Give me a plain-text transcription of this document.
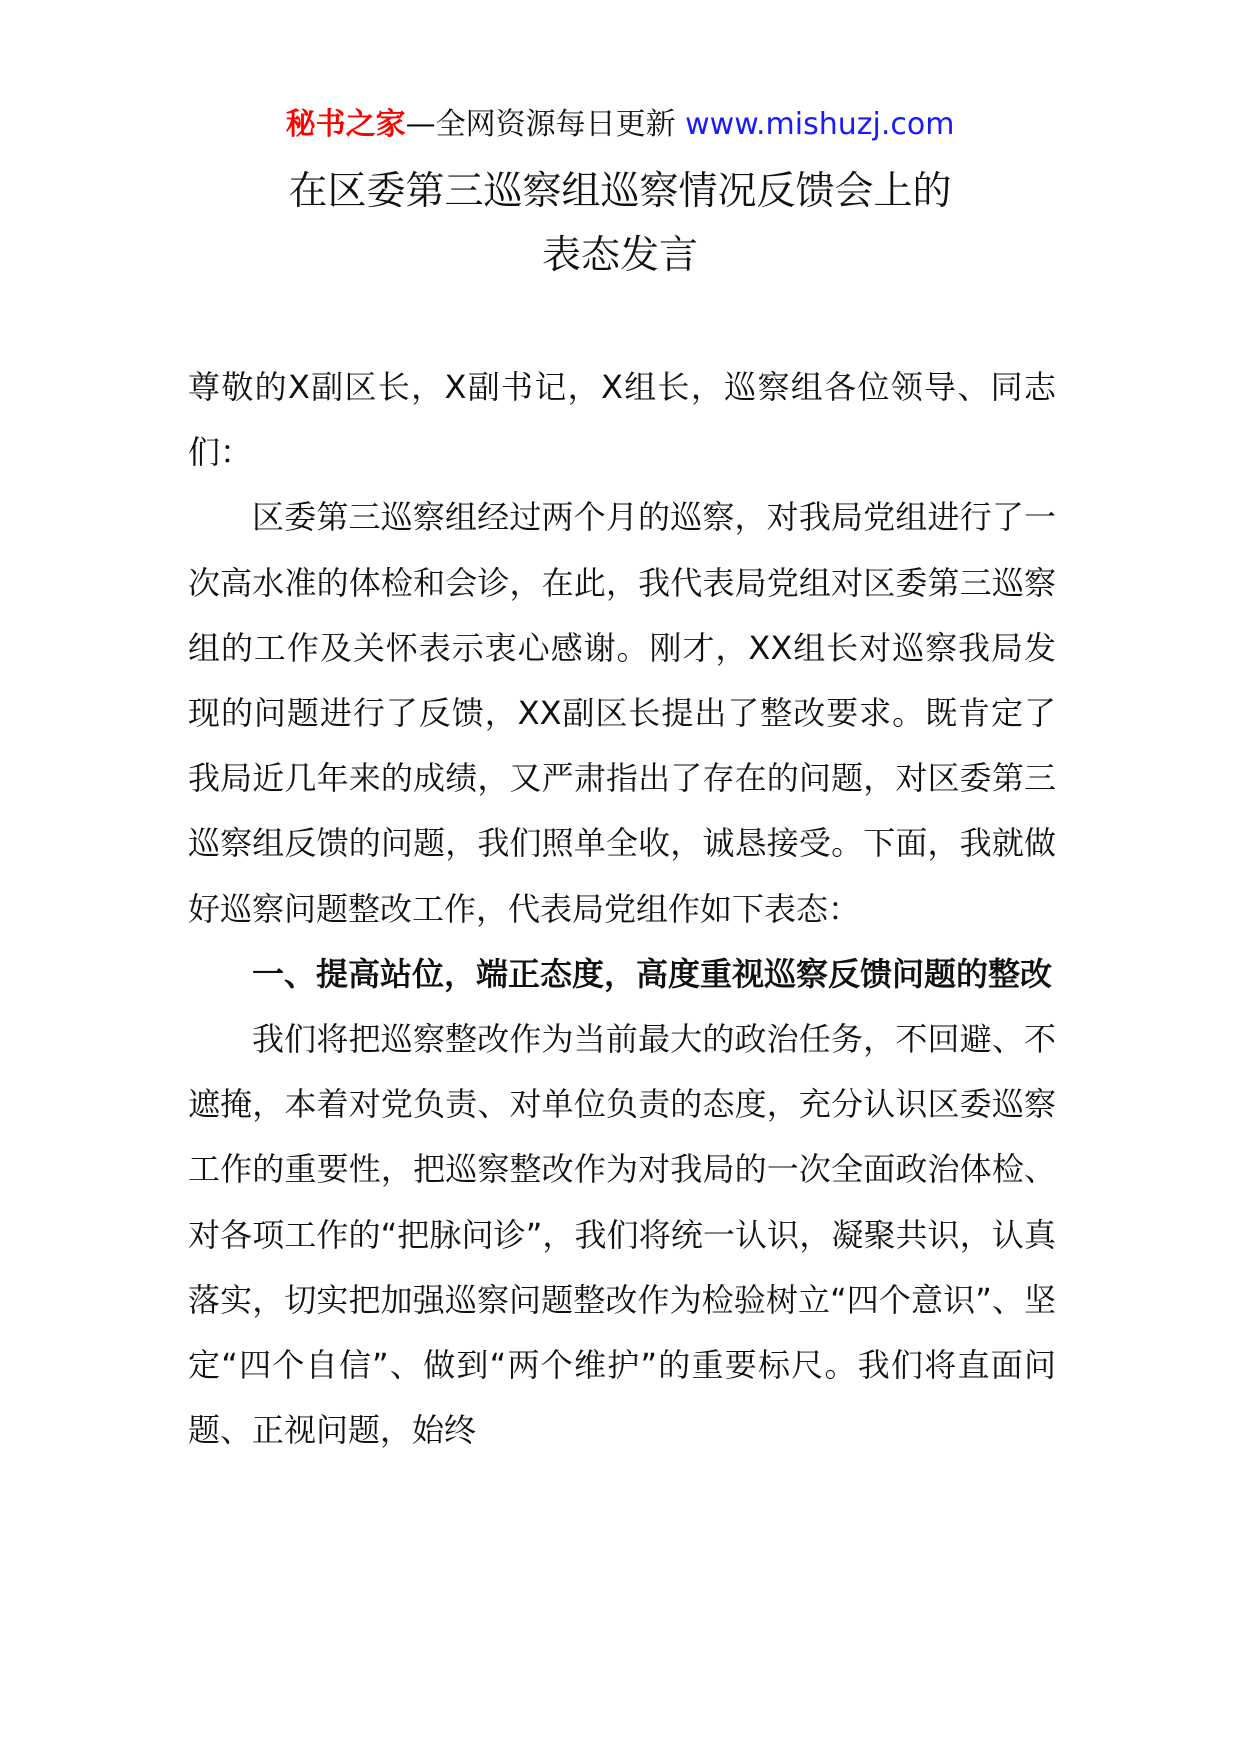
秘书之家—全网资源每日更新 www.mishuzj.com
在区委第三巡察组巡察情况反馈会上的
表态发言

尊敬的X副区长，X副书记，X组长，巡察组各位领导、同志们：

区委第三巡察组经过两个月的巡察，对我局党组进行了一次高水准的体检和会诊，在此，我代表局党组对区委第三巡察组的工作及关怀表示衷心感谢。刚才，XX组长对巡察我局发现的问题进行了反馈，XX副区长提出了整改要求。既肯定了我局近几年来的成绩，又严肃指出了存在的问题，对区委第三巡察组反馈的问题，我们照单全收，诚恳接受。下面，我就做好巡察问题整改工作，代表局党组作如下表态：

一、提高站位，端正态度，高度重视巡察反馈问题的整改

我们将把巡察整改作为当前最大的政治任务，不回避、不遮掩，本着对党负责、对单位负责的态度，充分认识区委巡察工作的重要性，把巡察整改作为对我局的一次全面政治体检、对各项工作的“把脉问诊”，我们将统一认识，凝聚共识，认真落实，切实把加强巡察问题整改作为检验树立“四个意识”、坚定“四个自信”、做到“两个维护”的重要标尺。我们将直面问题、正视问题，始终
